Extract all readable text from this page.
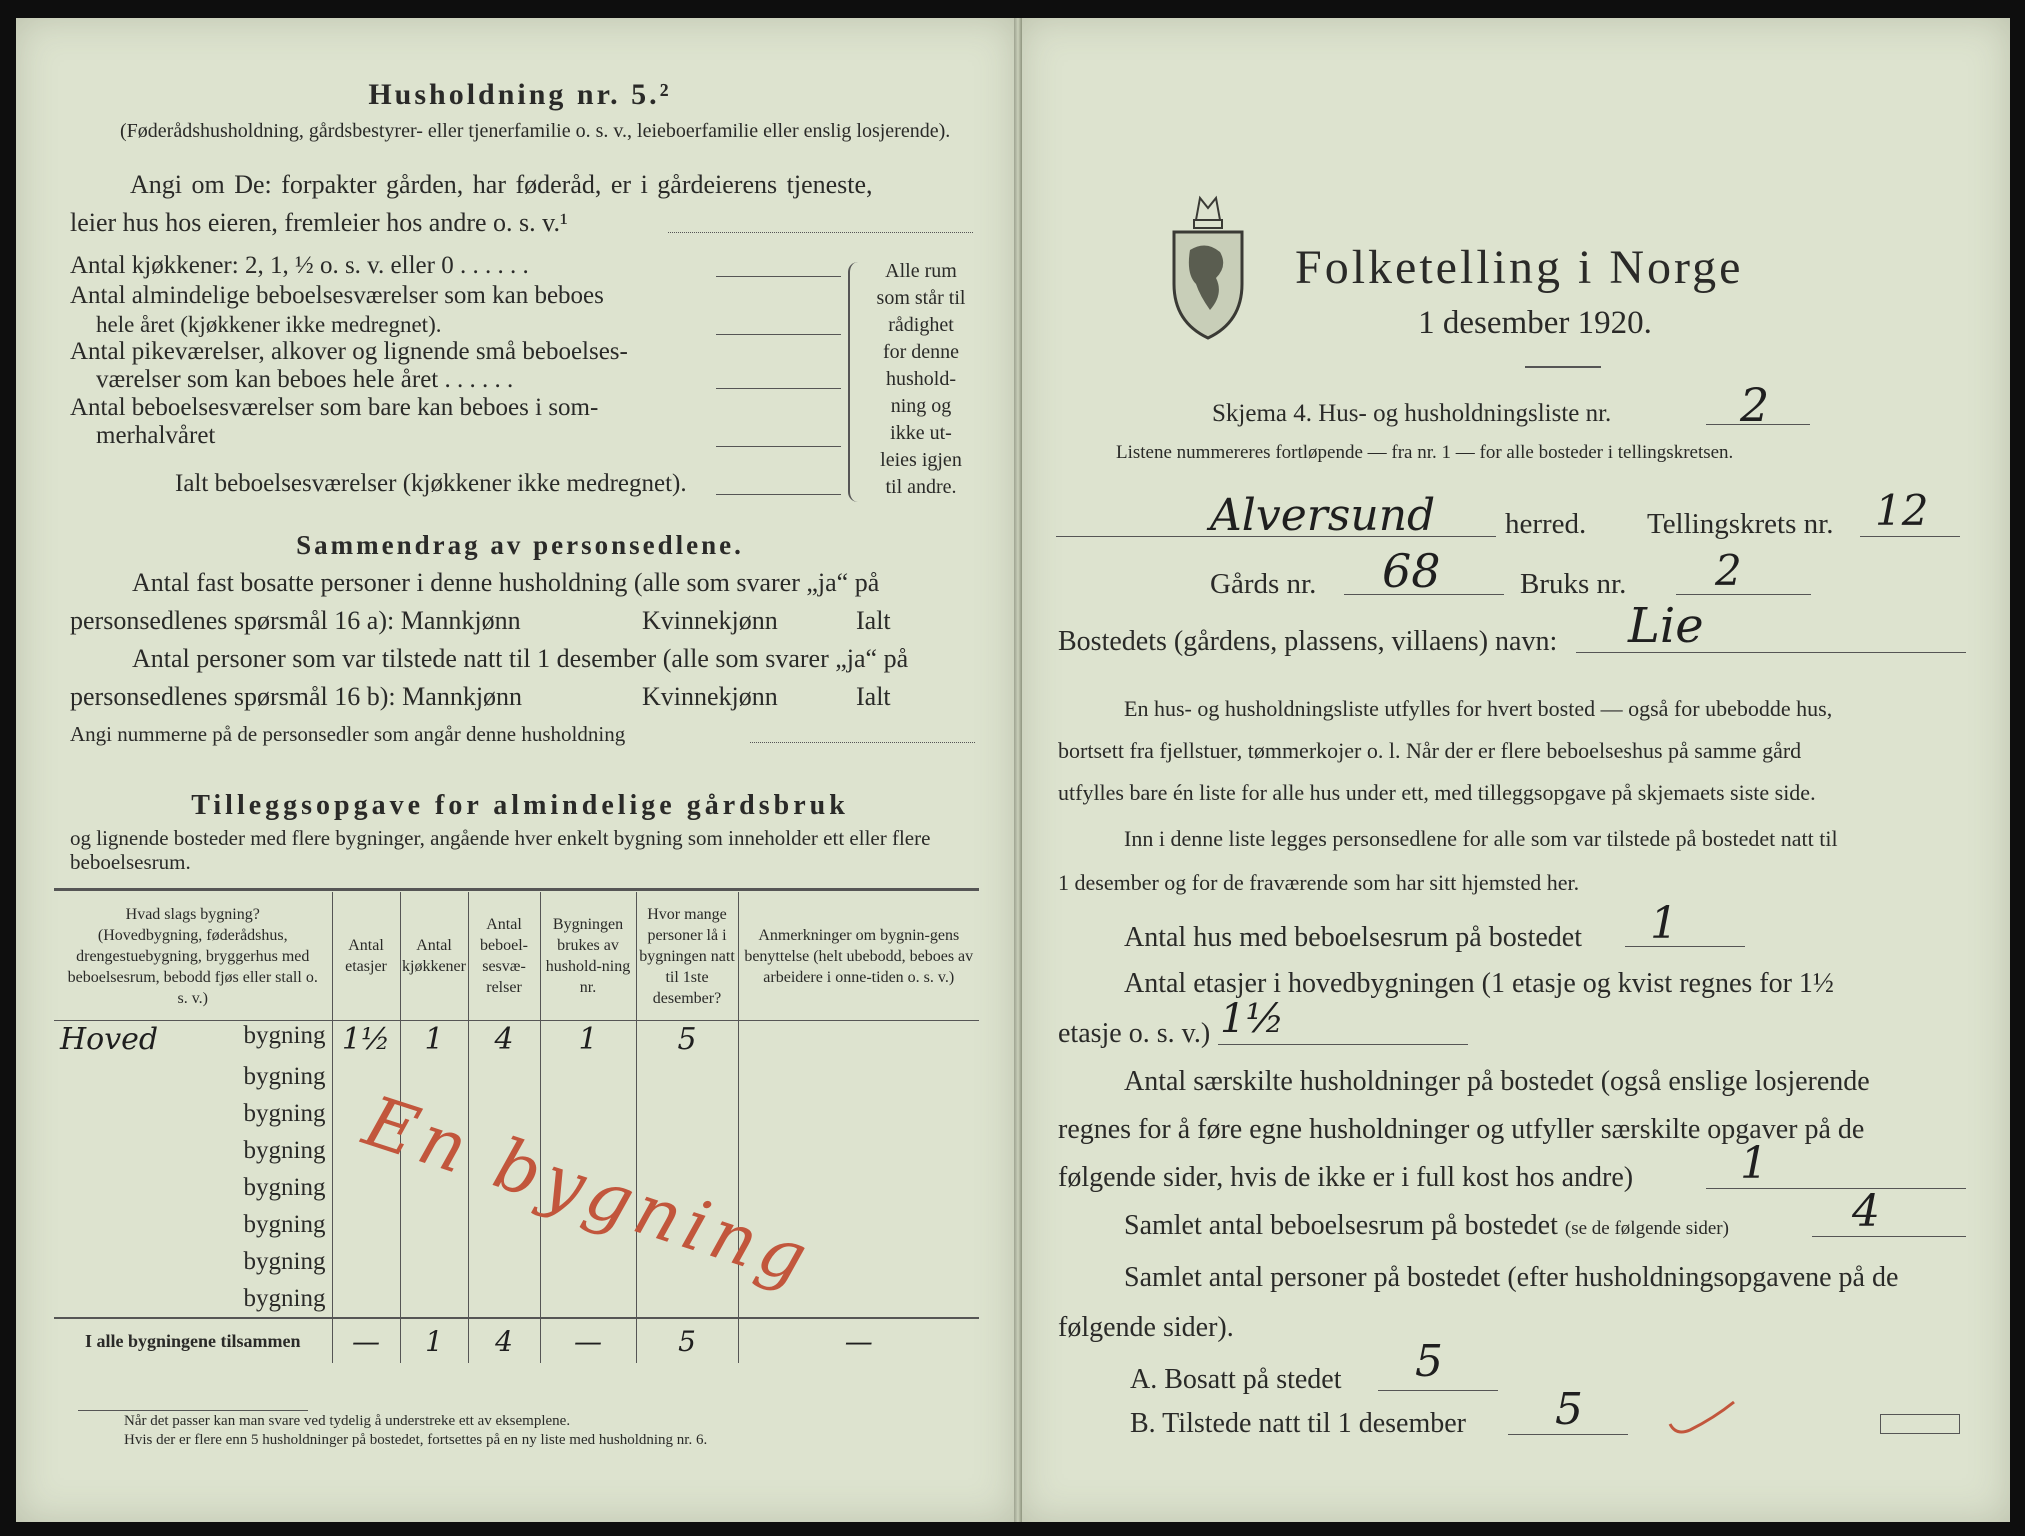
Husholdning nr. 5.²
(Føderådshusholdning, gårdsbestyrer- eller tjenerfamilie o. s. v., leieboerfamilie eller enslig losjerende).
Angi om De: forpakter gården, har føderåd, er i gårdeierens tjeneste,
leier hus hos eieren, fremleier hos andre o. s. v.¹
Antal kjøkkener: 2, 1, ½ o. s. v. eller 0 . . . . . .
Antal almindelige beboelsesværelser som kan beboes
hele året (kjøkkener ikke medregnet).
Antal pikeværelser, alkover og lignende små beboelses-
værelser som kan beboes hele året . . . . . .
Antal beboelsesværelser som bare kan beboes i som-
merhalvåret
Ialt beboelsesværelser (kjøkkener ikke medregnet).
Alle rum
som står til
rådighet
for denne
hushold-
ning og
ikke ut-
leies igjen
til andre.
Sammendrag av personsedlene.
Antal fast bosatte personer i denne husholdning (alle som svarer „ja“ på
personsedlenes spørsmål 16 a): Mannkjønn	Kvinnekjønn	Ialt
Antal personer som var tilstede natt til 1 desember (alle som svarer „ja“ på
personsedlenes spørsmål 16 b): Mannkjønn	Kvinnekjønn	Ialt
Angi nummerne på de personsedler som angår denne husholdning
Tilleggsopgave for almindelige gårdsbruk
og lignende bosteder med flere bygninger, angående hver enkelt bygning som inneholder ett eller flere beboelsesrum.
Hvad slags bygning?
(Hovedbygning, føderådshus, drengestuebygning, bryggerhus med beboelsesrum, bebodd fjøs eller stall o. s. v.)	Antal etasjer	Antal kjøkkener	Antal beboel-sesvæ-relser	Bygningen brukes av hushold-ning nr.	Hvor mange personer lå i bygningen natt til 1ste desember?	Anmerkninger om bygnin-gens benyttelse (helt ubebodd, beboes av arbeidere i onne-tiden o. s. v.)

Hoved bygning	1½	1	4	1	5	
bygning						
bygning						
bygning						
bygning						
bygning						
bygning						
bygning						
I alle bygningene tilsammen	—	1	4	—	5	—
En bygning
Når det passer kan man svare ved tydelig å understreke ett av eksemplene.
Hvis der er flere enn 5 husholdninger på bostedet, fortsettes på en ny liste med husholdning nr. 6.
Folketelling i Norge
1 desember 1920.
Skjema 4. Hus- og husholdningsliste nr.	2
Listene nummereres fortløpende — fra nr. 1 — for alle bosteder i tellingskretsen.
Alversund herred. Tellingskrets nr. 12
Gårds nr. 68	Bruks nr. 2
Bostedets (gårdens, plassens, villaens) navn: Lie
En hus- og husholdningsliste utfylles for hvert bosted — også for ubebodde hus,
bortsett fra fjellstuer, tømmerkojer o. l. Når der er flere beboelseshus på samme gård
utfylles bare én liste for alle hus under ett, med tilleggsopgave på skjemaets siste side.
Inn i denne liste legges personsedlene for alle som var tilstede på bostedet natt til
1 desember og for de fraværende som har sitt hjemsted her.
Antal hus med beboelsesrum på bostedet 1
Antal etasjer i hovedbygningen (1 etasje og kvist regnes for 1½
etasje o. s. v.) 1½
Antal særskilte husholdninger på bostedet (også enslige losjerende
regnes for å føre egne husholdninger og utfyller særskilte opgaver på de
følgende sider, hvis de ikke er i full kost hos andre) 1
Samlet antal beboelsesrum på bostedet (se de følgende sider)	4
Samlet antal personer på bostedet (efter husholdningsopgavene på de
følgende sider).
A. Bosatt på stedet 5
B. Tilstede natt til 1 desember 5
